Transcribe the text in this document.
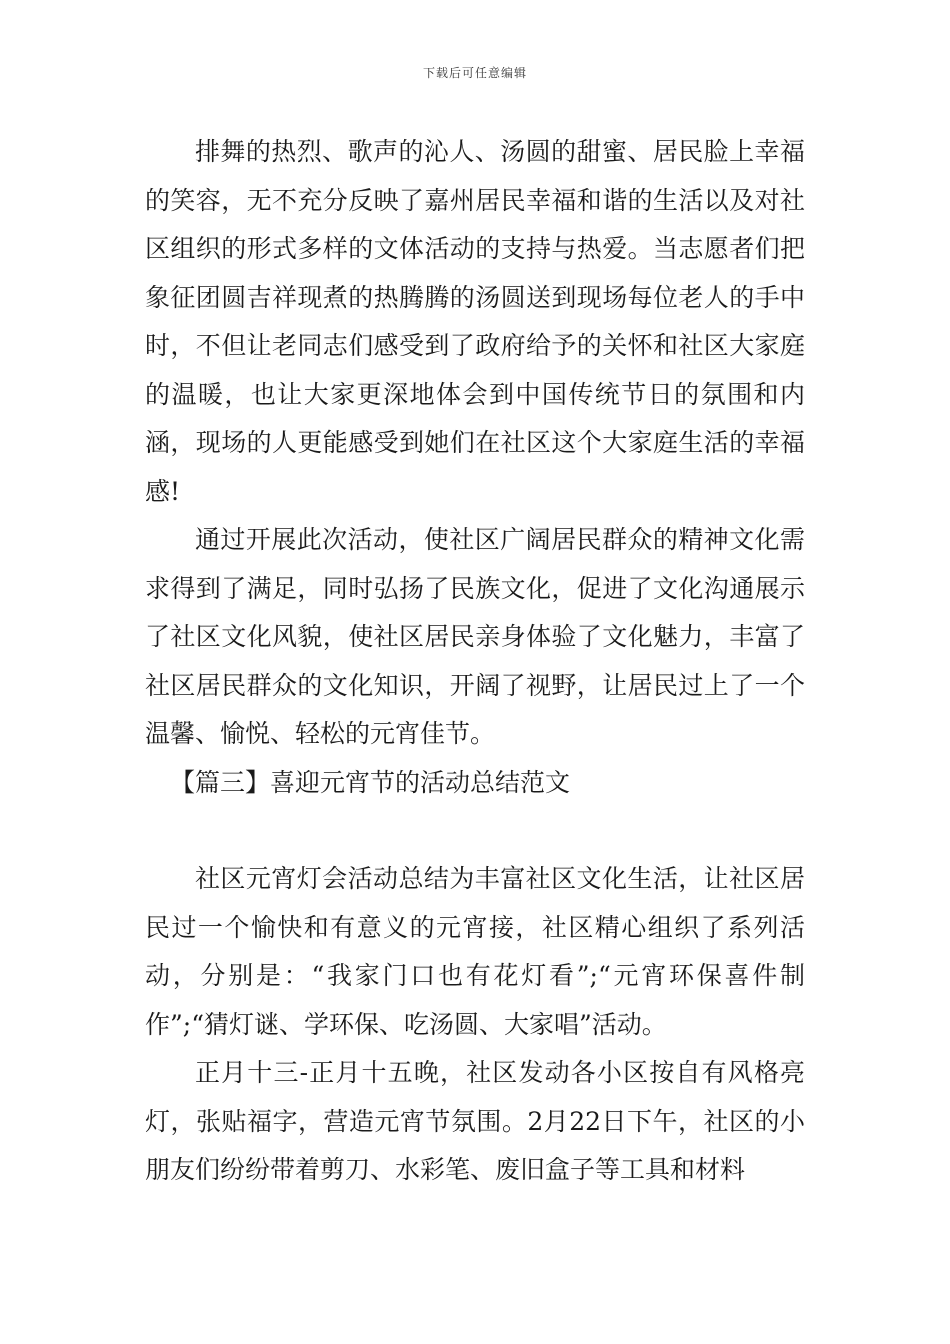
下载后可任意编辑

排舞的热烈、歌声的沁人、汤圆的甜蜜、居民脸上幸福的笑容，无不充分反映了嘉州居民幸福和谐的生活以及对社区组织的形式多样的文体活动的支持与热爱。当志愿者们把象征团圆吉祥现煮的热腾腾的汤圆送到现场每位老人的手中时，不但让老同志们感受到了政府给予的关怀和社区大家庭的温暖，也让大家更深地体会到中国传统节日的氛围和内涵，现场的人更能感受到她们在社区这个大家庭生活的幸福感!

通过开展此次活动，使社区广阔居民群众的精神文化需求得到了满足，同时弘扬了民族文化，促进了文化沟通展示了社区文化风貌，使社区居民亲身体验了文化魅力，丰富了社区居民群众的文化知识，开阔了视野，让居民过上了一个温馨、愉悦、轻松的元宵佳节。

【篇三】喜迎元宵节的活动总结范文

社区元宵灯会活动总结为丰富社区文化生活，让社区居民过一个愉快和有意义的元宵接，社区精心组织了系列活动，分别是：“我家门口也有花灯看”;“元宵环保喜件制作”;“猜灯谜、学环保、吃汤圆、大家唱”活动。

正月十三-正月十五晚，社区发动各小区按自有风格亮灯，张贴福字，营造元宵节氛围。2月22日下午，社区的小朋友们纷纷带着剪刀、水彩笔、废旧盒子等工具和材料
